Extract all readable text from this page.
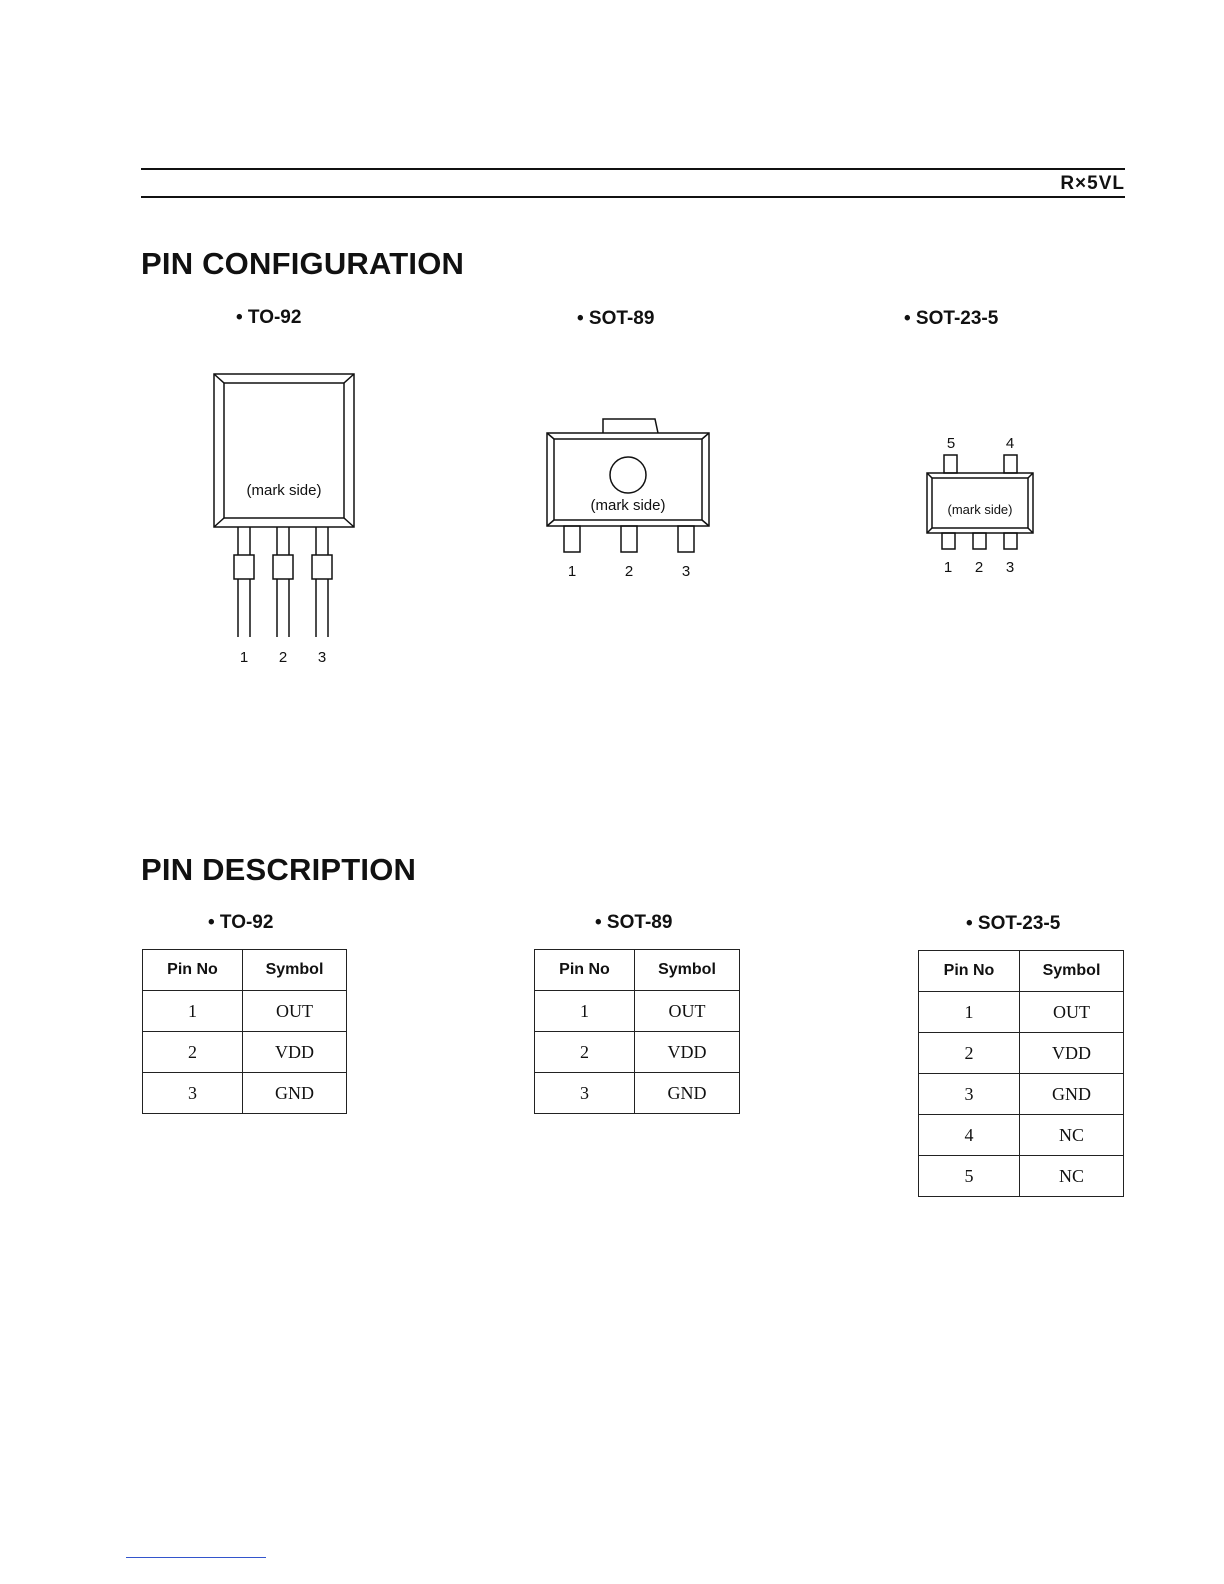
R×5VL
PIN CONFIGURATION
• TO-92	• SOT-89	• SOT-23-5
(mark side)
1 2 3
(mark side)
1	2	3
5	4
(mark side)
1 2 3
PIN DESCRIPTION
• TO-92	• SOT-89	• SOT-23-5
Pin No	Symbol
1	OUT
2	VDD
3	GND
Pin No	Symbol
1	OUT
2	VDD
3	GND
Pin No	Symbol
1	OUT
2	VDD
3	GND
4	NC
5	NC
